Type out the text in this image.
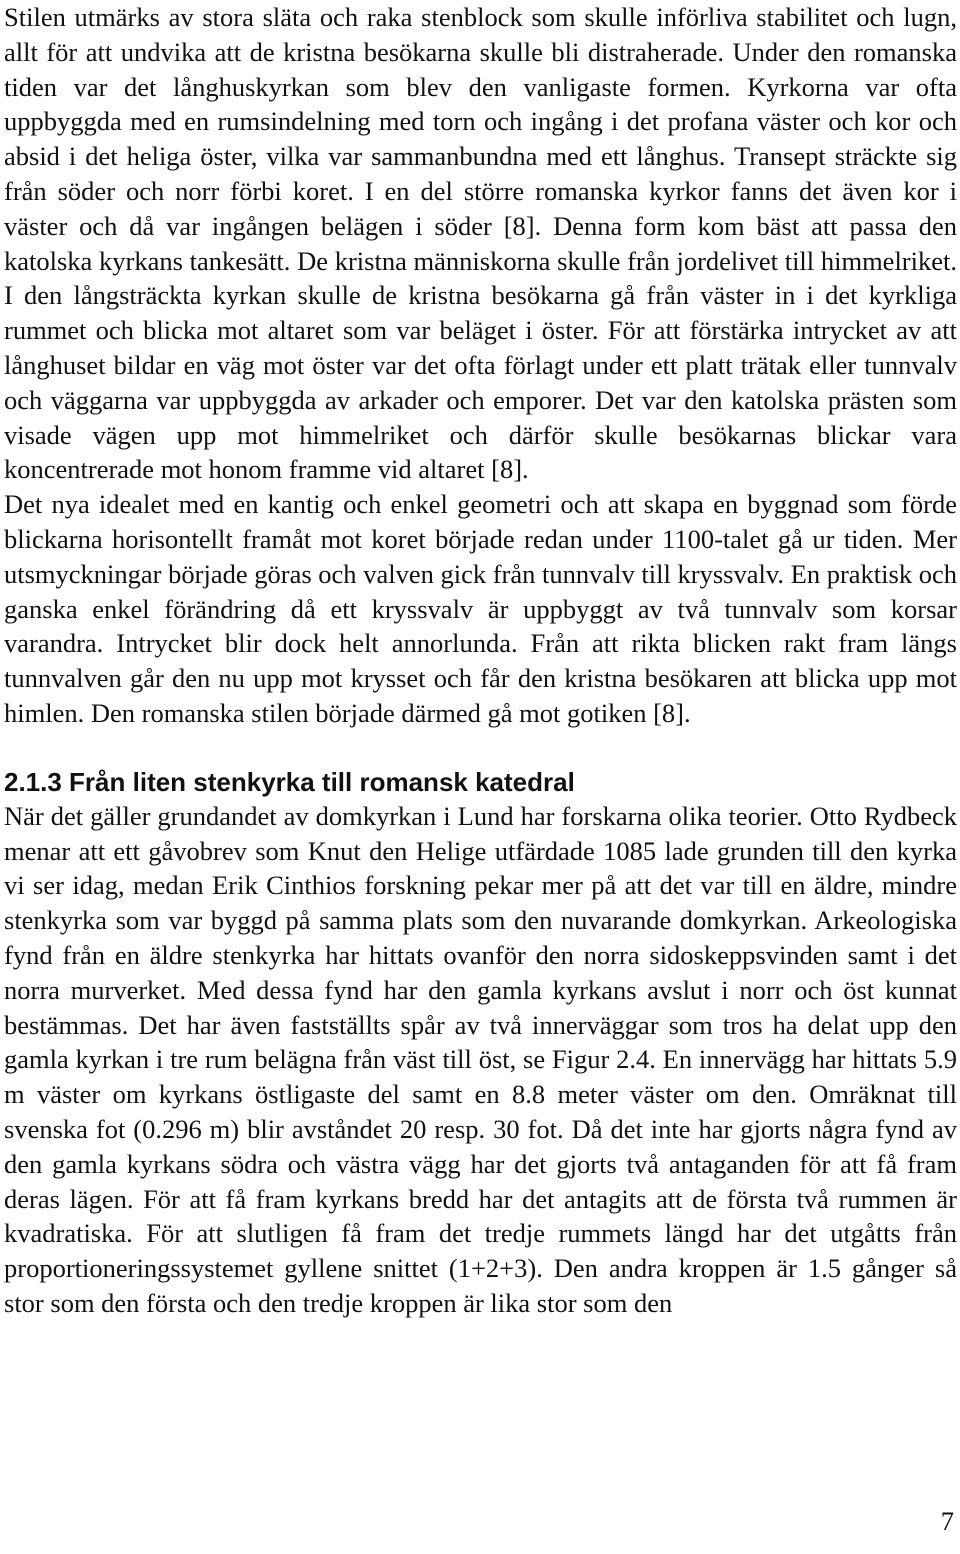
Stilen utmärks av stora släta och raka stenblock som skulle införliva stabilitet och lugn, allt för att undvika att de kristna besökarna skulle bli distraherade. Under den romanska tiden var det långhuskyrkan som blev den vanligaste formen. Kyrkorna var ofta uppbyggda med en rumsindelning med torn och ingång i det profana väster och kor och absid i det heliga öster, vilka var sammanbundna med ett långhus. Transept sträckte sig från söder och norr förbi koret. I en del större romanska kyrkor fanns det även kor i väster och då var ingången belägen i söder [8]. Denna form kom bäst att passa den katolska kyrkans tankesätt. De kristna människorna skulle från jordelivet till himmelriket. I den långsträckta kyrkan skulle de kristna besökarna gå från väster in i det kyrkliga rummet och blicka mot altaret som var beläget i öster. För att förstärka intrycket av att långhuset bildar en väg mot öster var det ofta förlagt under ett platt trätak eller tunnvalv och väggarna var uppbyggda av arkader och emporer. Det var den katolska prästen som visade vägen upp mot himmelriket och därför skulle besökarnas blickar vara koncentrerade mot honom framme vid altaret [8].

Det nya idealet med en kantig och enkel geometri och att skapa en byggnad som förde blickarna horisontellt framåt mot koret började redan under 1100-talet gå ur tiden. Mer utsmyckningar började göras och valven gick från tunnvalv till kryssvalv. En praktisk och ganska enkel förändring då ett kryssvalv är uppbyggt av två tunnvalv som korsar varandra. Intrycket blir dock helt annorlunda. Från att rikta blicken rakt fram längs tunnvalven går den nu upp mot krysset och får den kristna besökaren att blicka upp mot himlen. Den romanska stilen började därmed gå mot gotiken [8].

2.1.3 Från liten stenkyrka till romansk katedral

När det gäller grundandet av domkyrkan i Lund har forskarna olika teorier. Otto Rydbeck menar att ett gåvobrev som Knut den Helige utfärdade 1085 lade grunden till den kyrka vi ser idag, medan Erik Cinthios forskning pekar mer på att det var till en äldre, mindre stenkyrka som var byggd på samma plats som den nuvarande domkyrkan. Arkeologiska fynd från en äldre stenkyrka har hittats ovanför den norra sidoskeppsvinden samt i det norra murverket. Med dessa fynd har den gamla kyrkans avslut i norr och öst kunnat bestämmas. Det har även fastställts spår av två innerväggar som tros ha delat upp den gamla kyrkan i tre rum belägna från väst till öst, se Figur 2.4. En innervägg har hittats 5.9 m väster om kyrkans östligaste del samt en 8.8 meter väster om den. Omräknat till svenska fot (0.296 m) blir avståndet 20 resp. 30 fot. Då det inte har gjorts några fynd av den gamla kyrkans södra och västra vägg har det gjorts två antaganden för att få fram deras lägen. För att få fram kyrkans bredd har det antagits att de första två rummen är kvadratiska. För att slutligen få fram det tredje rummets längd har det utgåtts från proportioneringssystemet gyllene snittet (1+2+3). Den andra kroppen är 1.5 gånger så stor som den första och den tredje kroppen är lika stor som den

7
